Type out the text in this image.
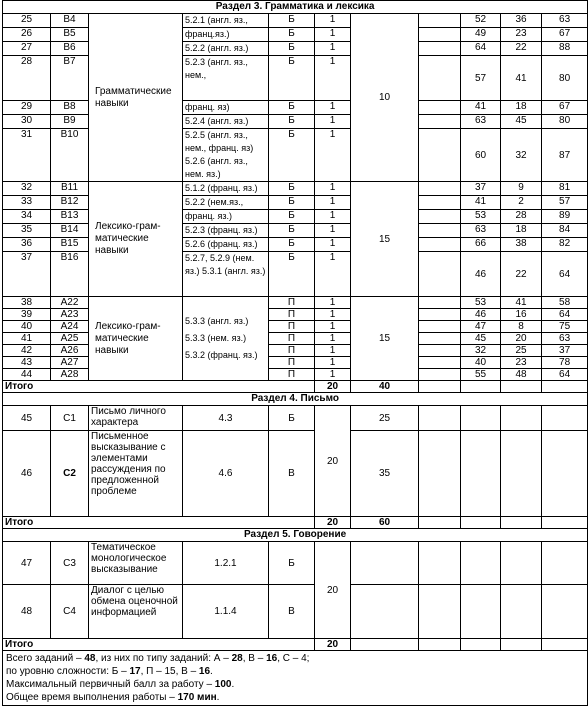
Раздел 3. Грамматика и лексика										
25	B4	Грамматические навыки	5.2.1 (англ. яз.,	Б	1	10		52	36	63
26	B5		франц.яз.)	Б	1			49	23	67
27	B6		5.2.2 (англ. яз.)	Б	1			64	22	88
28	B7		5.2.3 (англ. яз., нем.,	Б	1			57	41	80
29	B8		франц. яз)	Б	1			41	18	67
30	B9		5.2.4 (англ. яз.)	Б	1			63	45	80
31	B10		5.2.5 (англ. яз., нем., франц. яз) 5.2.6 (англ. яз., нем. яз.)	Б	1			60	32	87
32	B11	Лексико-грам-матические навыки	5.1.2 (франц. яз.)	Б	1	15		37	9	81
33	B12		5.2.2 (нем.яз.,	Б	1			41	2	57
34	B13		франц. яз.)	Б	1			53	28	89
35	B14		5.2.3 (франц. яз.)	Б	1			63	18	84
36	B15		5.2.6 (франц. яз.)	Б	1			66	38	82
37	B16		5.2.7, 5.2.9 (нем. яз.) 5.3.1 (англ. яз.)	Б	1			46	22	64
38	A22	Лексико-грам-матические навыки	5.3.3 (англ. яз.) 5.3.3 (нем. яз.) 5.3.2 (франц. яз.)	П	1	15		53	41	58
39	A23			П	1			46	16	64
40	A24			П	1			47	8	75
41	A25			П	1			45	20	63
42	A26			П	1			32	25	37
43	A27			П	1			40	23	78
44	A28			П	1			55	48	64
Итого					20	40				
Раздел 4. Письмо										
45	C1	Письмо личного характера	4.3	Б	20	25				
46	C2	Письменное высказывание с элементами рассуждения по предложенной проблеме	4.6	В		35				
Итого					20	60				
Раздел 5. Говорение										
47	C3	Тематическое монологическое высказывание	1.2.1	Б	20					
48	C4	Диалог с целью обмена оценочной информацией	1.1.4	В						
Итого					20					

Всего заданий – 48, из них по типу заданий: А – 28, В – 16, С – 4;
по уровню сложности: Б – 17, П – 15, В – 16.
Максимальный первичный балл за работу – 100.
Общее время выполнения работы – 170 мин.										
